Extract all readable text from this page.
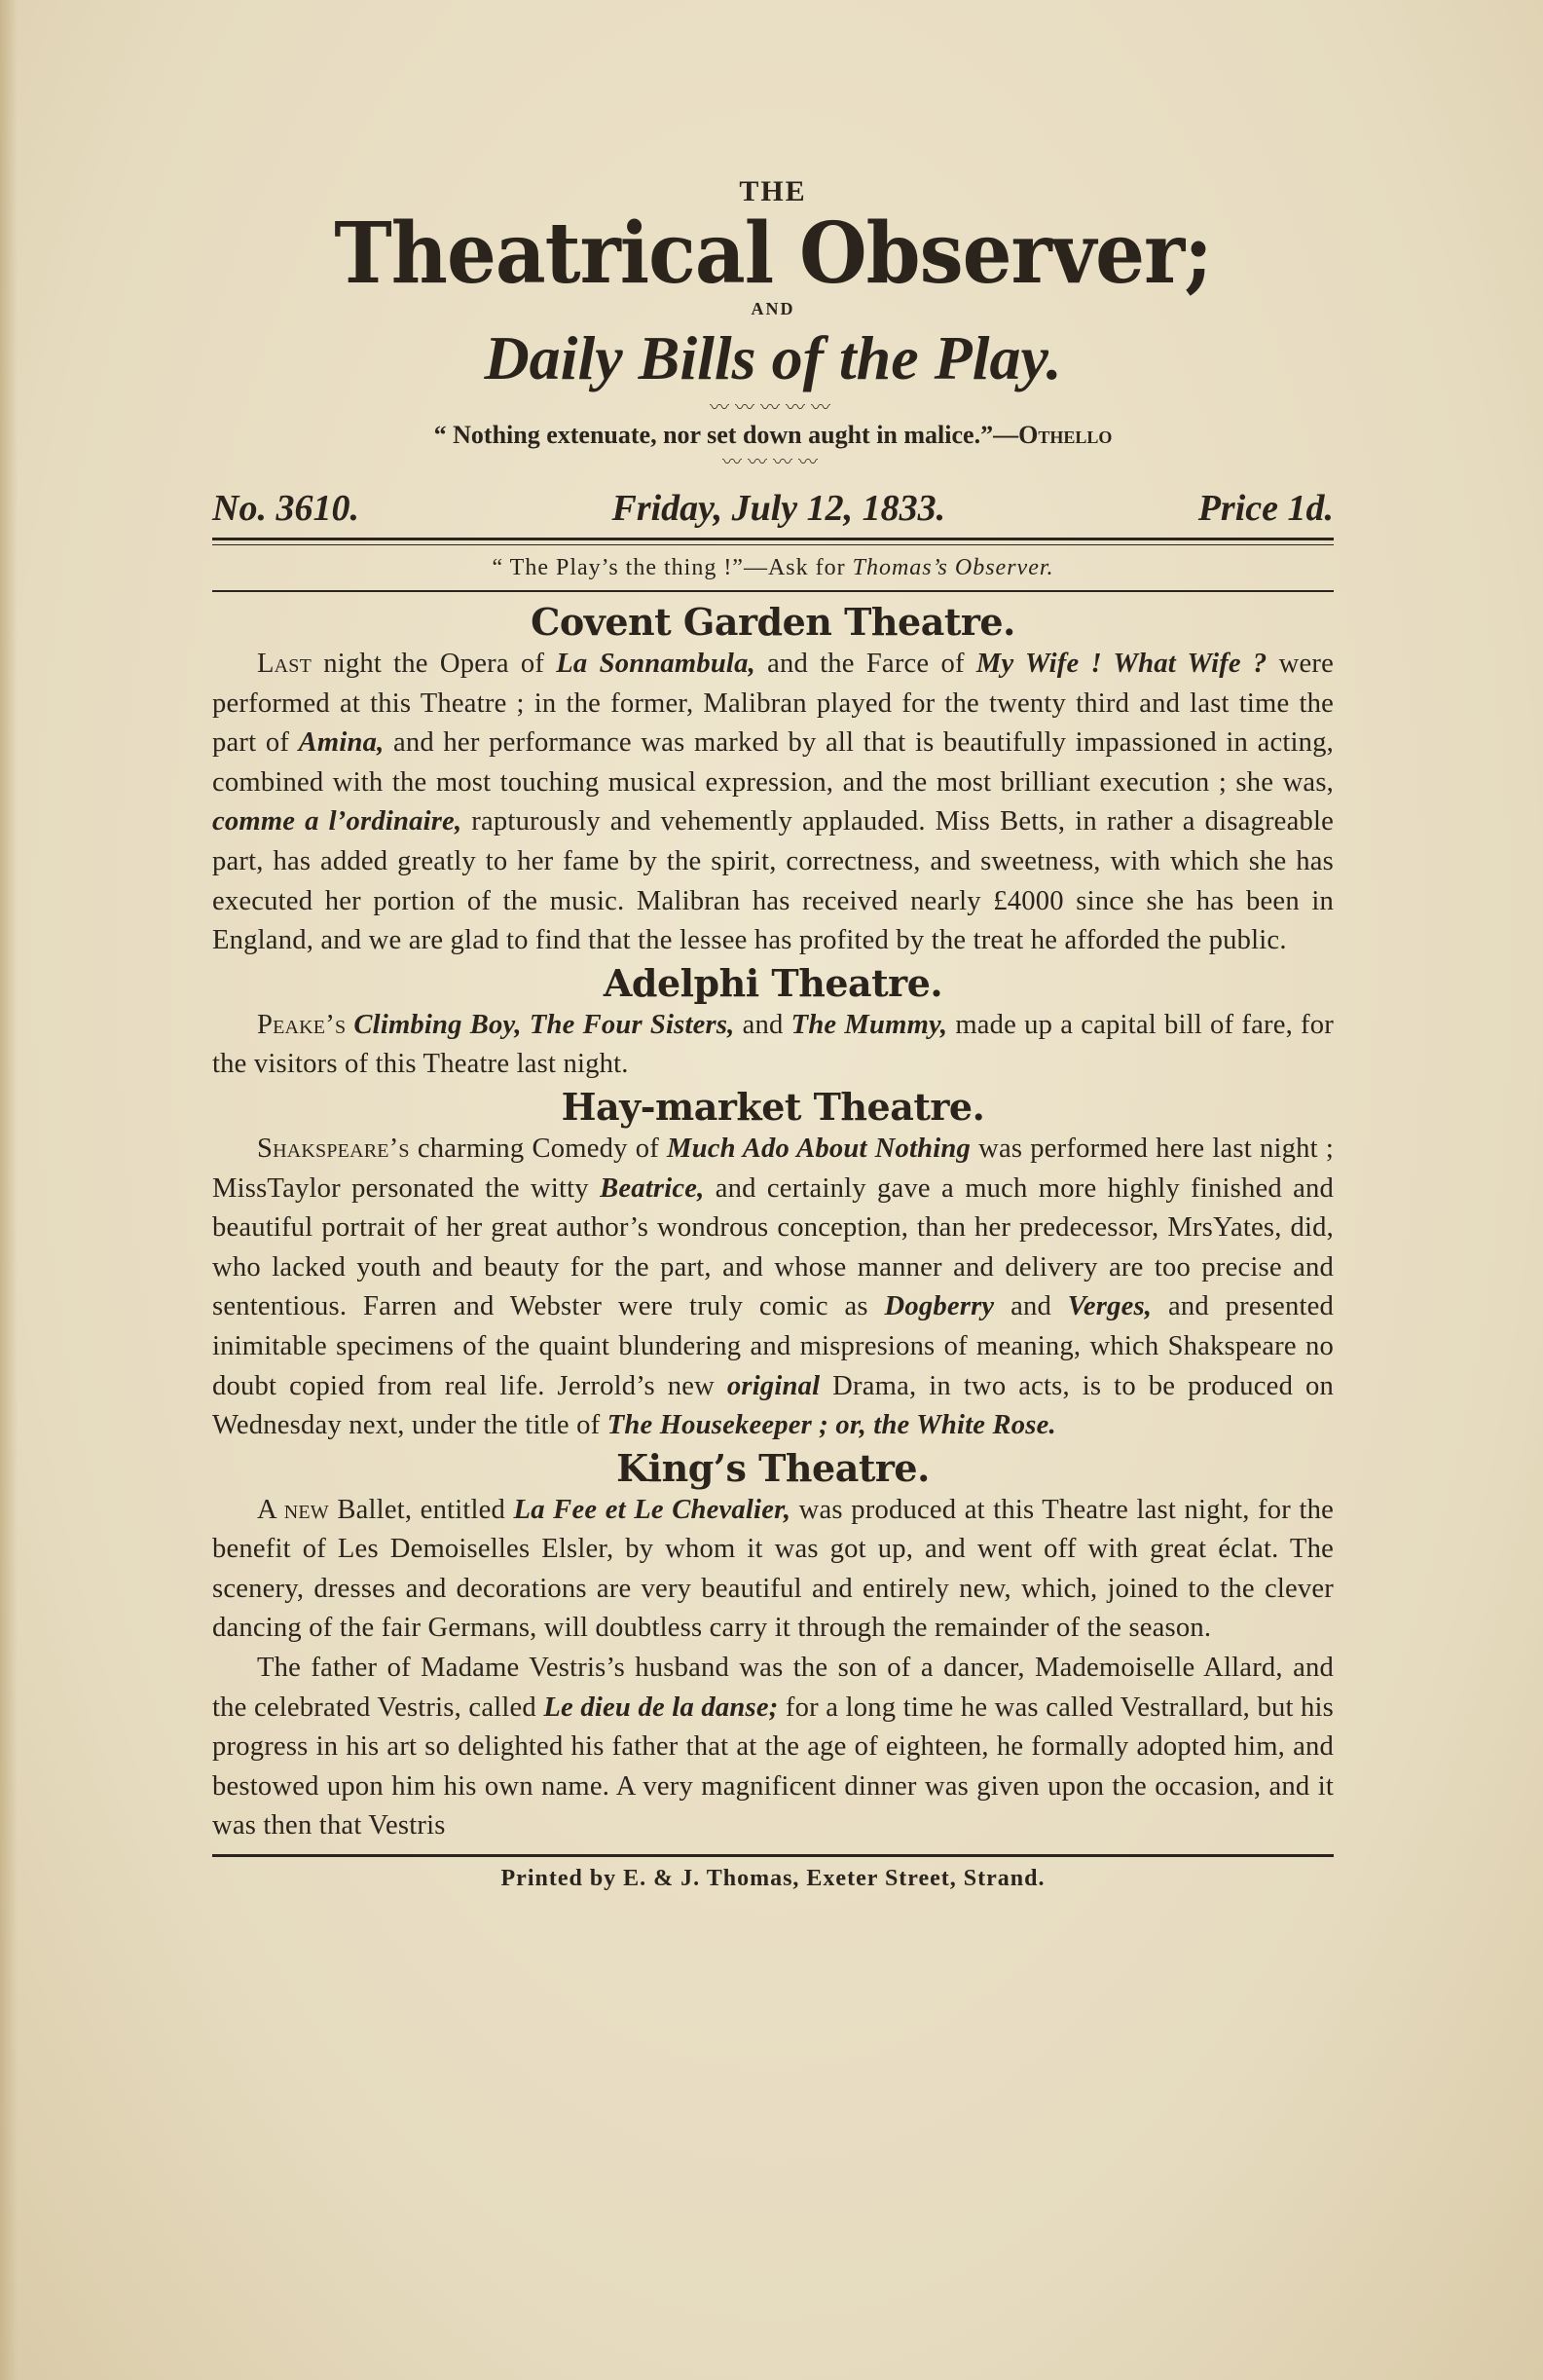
THE
Theatrical Observer;
AND
Daily Bills of the Play.
〰〰〰〰〰
“ Nothing extenuate, nor set down aught in malice.”—Othello
〰〰〰〰
No. 3610.	Friday, July 12, 1833.	Price 1d.
“ The Play’s the thing !”—Ask for Thomas’s Observer.
Covent Garden Theatre.

Last night the Opera of La Sonnambula, and the Farce of My Wife ! What Wife ? were performed at this Theatre ; in the former, Malibran played for the twenty third and last time the part of Amina, and her performance was marked by all that is beautifully impassioned in acting, combined with the most touching musical expression, and the most brilliant execution ; she was, comme a l’ordinaire, rapturously and vehemently applauded. Miss Betts, in rather a disagreable part, has added greatly to her fame by the spirit, correctness, and sweetness, with which she has executed her portion of the music. Malibran has received nearly £4000 since she has been in England, and we are glad to find that the lessee has profited by the treat he afforded the public.

Adelphi Theatre.

Peake’s Climbing Boy, The Four Sisters, and The Mummy, made up a capital bill of fare, for the visitors of this Theatre last night.

Hay-market Theatre.

Shakspeare’s charming Comedy of Much Ado About Nothing was performed here last night ; MissTaylor personated the witty Beatrice, and certainly gave a much more highly finished and beautiful portrait of her great author’s wondrous conception, than her predecessor, MrsYates, did, who lacked youth and beauty for the part, and whose manner and delivery are too precise and sententious. Farren and Webster were truly comic as Dogberry and Verges, and presented inimitable specimens of the quaint blundering and mispresions of meaning, which Shakspeare no doubt copied from real life. Jerrold’s new original Drama, in two acts, is to be produced on Wednesday next, under the title of The Housekeeper ; or, the White Rose.

King’s Theatre.

A new Ballet, entitled La Fee et Le Chevalier, was produced at this Theatre last night, for the benefit of Les Demoiselles Elsler, by whom it was got up, and went off with great éclat. The scenery, dresses and decorations are very beautiful and entirely new, which, joined to the clever dancing of the fair Germans, will doubtless carry it through the remainder of the season.

The father of Madame Vestris’s husband was the son of a dancer, Mademoiselle Allard, and the celebrated Vestris, called Le dieu de la danse; for a long time he was called Vestrallard, but his progress in his art so delighted his father that at the age of eighteen, he formally adopted him, and bestowed upon him his own name. A very magnificent dinner was given upon the occasion, and it was then that Vestris

Printed by E. & J. Thomas, Exeter Street, Strand.
